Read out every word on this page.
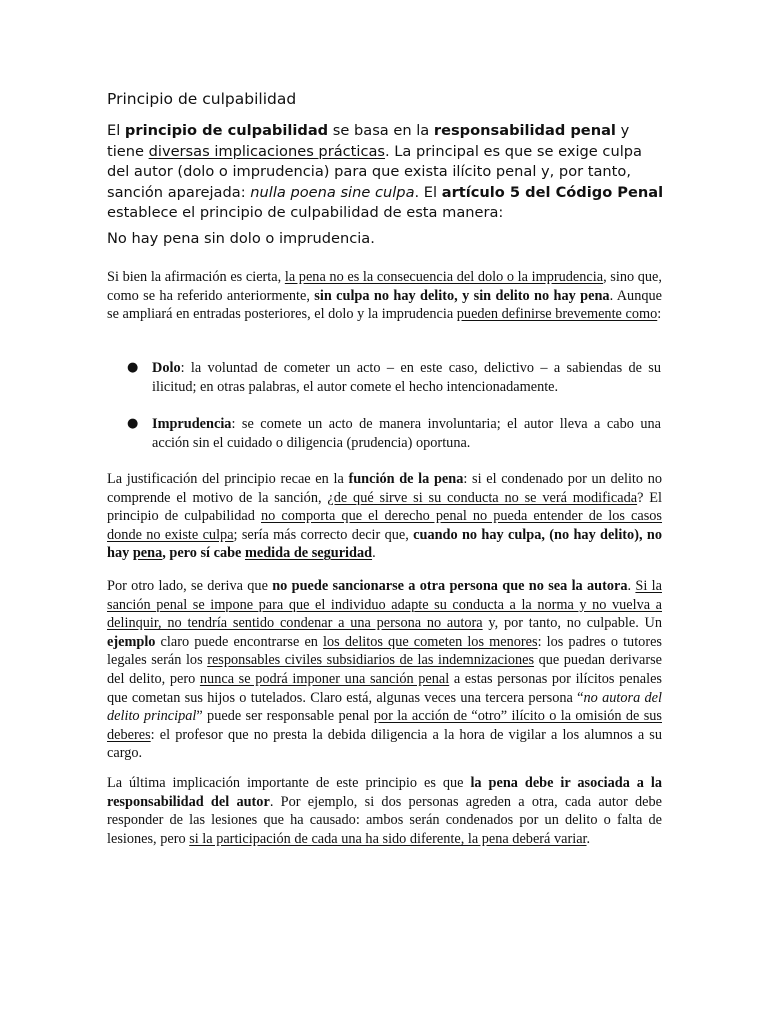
Principio de culpabilidad

El principio de culpabilidad se basa en la responsabilidad penal y tiene diversas implicaciones prácticas. La principal es que se exige culpa del autor (dolo o imprudencia) para que exista ilícito penal y, por tanto, sanción aparejada: nulla poena sine culpa. El artículo 5 del Código Penal establece el principio de culpabilidad de esta manera:

No hay pena sin dolo o imprudencia.

Si bien la afirmación es cierta, la pena no es la consecuencia del dolo o la imprudencia, sino que, como se ha referido anteriormente, sin culpa no hay delito, y sin delito no hay pena. Aunque se ampliará en entradas posteriores, el dolo y la imprudencia pueden definirse brevemente como:

● Dolo: la voluntad de cometer un acto – en este caso, delictivo – a sabiendas de su ilicitud; en otras palabras, el autor comete el hecho intencionadamente.
● Imprudencia: se comete un acto de manera involuntaria; el autor lleva a cabo una acción sin el cuidado o diligencia (prudencia) oportuna.

La justificación del principio recae en la función de la pena: si el condenado por un delito no comprende el motivo de la sanción, ¿de qué sirve si su conducta no se verá modificada? El principio de culpabilidad no comporta que el derecho penal no pueda entender de los casos donde no existe culpa; sería más correcto decir que, cuando no hay culpa, (no hay delito), no hay pena, pero sí cabe medida de seguridad.

Por otro lado, se deriva que no puede sancionarse a otra persona que no sea la autora. Si la sanción penal se impone para que el individuo adapte su conducta a la norma y no vuelva a delinquir, no tendría sentido condenar a una persona no autora y, por tanto, no culpable. Un ejemplo claro puede encontrarse en los delitos que cometen los menores: los padres o tutores legales serán los responsables civiles subsidiarios de las indemnizaciones que puedan derivarse del delito, pero nunca se podrá imponer una sanción penal a estas personas por ilícitos penales que cometan sus hijos o tutelados. Claro está, algunas veces una tercera persona “no autora del delito principal” puede ser responsable penal por la acción de “otro” ilícito o la omisión de sus deberes: el profesor que no presta la debida diligencia a la hora de vigilar a los alumnos a su cargo.

La última implicación importante de este principio es que la pena debe ir asociada a la responsabilidad del autor. Por ejemplo, si dos personas agreden a otra, cada autor debe responder de las lesiones que ha causado: ambos serán condenados por un delito o falta de lesiones, pero si la participación de cada una ha sido diferente, la pena deberá variar.
